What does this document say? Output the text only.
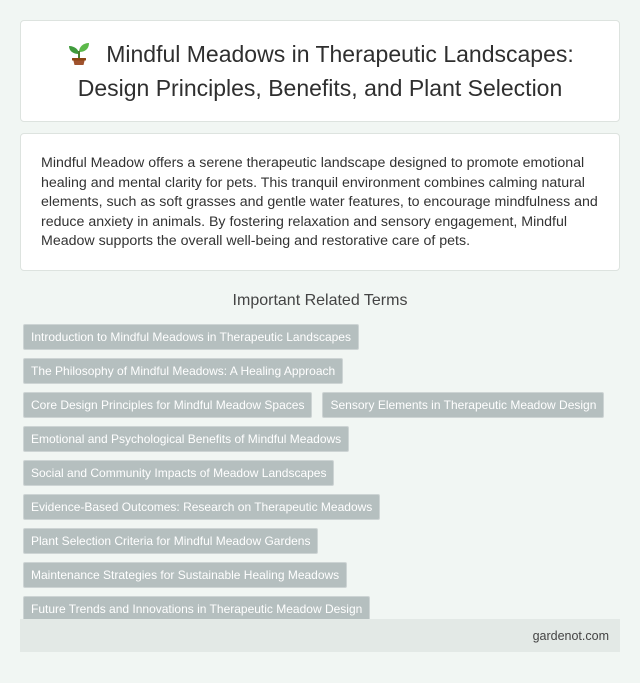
Mindful Meadows in Therapeutic Landscapes: Design Principles, Benefits, and Plant Selection

Mindful Meadow offers a serene therapeutic landscape designed to promote emotional healing and mental clarity for pets. This tranquil environment combines calming natural elements, such as soft grasses and gentle water features, to encourage mindfulness and reduce anxiety in animals. By fostering relaxation and sensory engagement, Mindful Meadow supports the overall well-being and restorative care of pets.

Important Related Terms
Introduction to Mindful Meadows in Therapeutic Landscapes
The Philosophy of Mindful Meadows: A Healing Approach
Core Design Principles for Mindful Meadow Spaces	Sensory Elements in Therapeutic Meadow Design
Emotional and Psychological Benefits of Mindful Meadows
Social and Community Impacts of Meadow Landscapes
Evidence-Based Outcomes: Research on Therapeutic Meadows
Plant Selection Criteria for Mindful Meadow Gardens
Maintenance Strategies for Sustainable Healing Meadows
Future Trends and Innovations in Therapeutic Meadow Design
gardenot.com
